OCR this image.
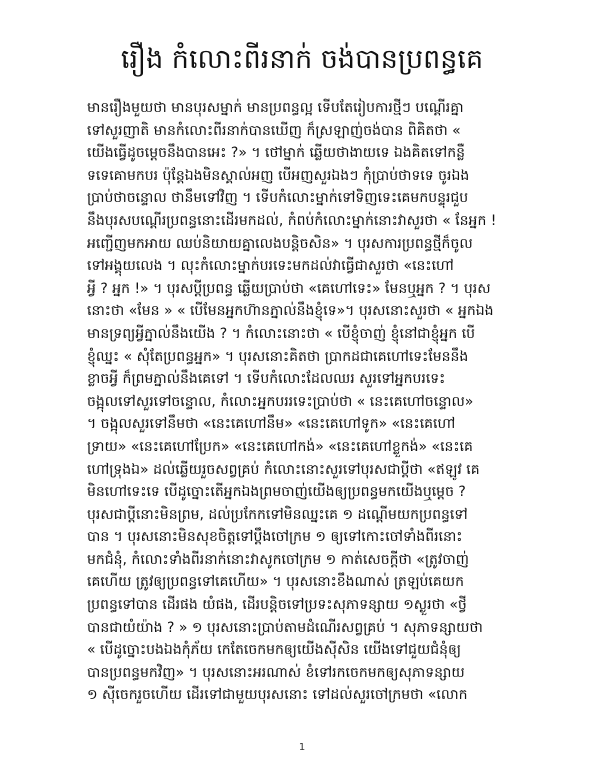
រឿង កំលោះពីរនាក់ ចង់បានប្រពន្ធគេ
មានរឿងមួយថា មានបុរសម្នាក់ មានប្រពន្ធល្អ ទើបតែរៀបការថ្មីៗ បណ្តើរគ្នា
ទៅសួរញាតិ មានកំលោះពីរនាក់បានឃើញ ក៏ស្រឡាញ់ចង់បាន ពិគិតថា «
យើងធ្វើដូចម្តេចនឹងបានអេះ ?» ។ ថៅម្នាក់ ឆ្លើយថាងាយទេ ឯងគិតទៅកន្លឺ
ទទេគោមកបរ ប៉ុន្តែឯងមិនស្គាល់អញ បើអញសួរឯងៗ កុំប្រាប់ថាទទេ ចូរឯង
ប្រាប់ថាចន្ទោល ថានឹមទៅវិញ ។ ទើបកំលោះម្នាក់ទៅទិញទេះគេមកបន្ទុរជួប
នឹងបុរសបណ្តើរប្រពន្ធនោះដើរមកដល់, កំពប់កំលោះម្នាក់នោះវាសួរថា « នែអ្នក !
អញ្ជើញមកអាយ ឈប់និយាយគ្នាលេងបន្តិចសិន» ។ បុរសការប្រពន្ធថ្មីក៏ចូល
ទៅអង្គុយលេង ។ លុះកំលោះម្នាក់បរទេះមកដល់វាធ្វើជាសួរថា «នេះហៅ
អ្វី ? អ្នក !» ។ បុរសប្តីប្រពន្ធ ឆ្លើយប្រាប់ថា «គេហៅទេះ» មែនឬអ្នក ? ។ បុរស
នោះថា «មែន » « បើមែនអ្នកហ៊ានភ្នាល់នឹងខ្ញុំទេ»។ បុរសនោះសួរថា « អ្នកឯង
មានទ្រព្យអ្វីភ្នាល់នឹងយើង ? ។ កំលោះនោះថា « បើខ្ញុំចាញ់ ខ្ញុំនៅជាខ្ញុំអ្នក បើ
ខ្ញុំឈ្នះ « សុំតែប្រពន្ធអ្នក» ។ បុរសនោះគិតថា ប្រាកដជាគេហៅទេះមែននឹង
ខ្លាចអ្វី ក៏ព្រមភ្នាល់នឹងគេទៅ ។ ទើបកំលោះដែលឈរ សួរទៅអ្នកបរទេះ
ចង្អុលទៅសួរទៅចន្ទោល, កំលោះអ្នកបររទេះប្រាប់ថា « នេះគេហៅចន្ទោល»
។ ចង្អុលសួរទៅនឹមថា «នេះគេហៅនឹម» «នេះគេហៅទូក» «នេះគេហៅ
ទ្រាយ» «នេះគេហៅប្រែក» «នេះគេហៅកង់» «នេះគេហៅខ្លួកង់» «នេះគេ
ហៅទ្រុងឯ» ដល់ឆ្លើយរួចសព្វគ្រប់ កំលោះនោះសួរទៅបុរសជាប្តីថា «ឥឡូវ គេ
មិនហៅទេះទេ បើដូច្នោះតើអ្នកឯងព្រមចាញ់យើងឲ្យប្រពន្ធមកយើងឬម្តេច ?
បុរសជាប្តីនោះមិនព្រម, ដល់ប្រកែកទៅមិនឈ្នះគេ ១ ដណ្តើមយកប្រពន្ធទៅ
បាន ។ បុរសនោះមិនសុខចិត្តទៅប្តឹងចៅក្រម ១ ឲ្យទៅកោះចៅទាំងពីរនោះ
មកជំនុំ, កំលោះទាំងពីរនាក់នោះវាសូកចៅក្រម ១ កាត់សេចក្តីថា «ត្រូវចាញ់
គេហើយ ត្រូវឲ្យប្រពន្ធទៅគេហើយ» ។ បុរសនោះខឹងណាស់ ត្រឡប់គេយក
ប្រពន្ធទៅបាន ដើរផង យំផង, ដើរបន្តិចទៅប្រទះសុភាទន្សាយ ១ស្ងួរថា «ថ្វី
បានជាយំយ៉ាង ? » ១ បុរសនោះប្រាប់តាមដំណើរសព្វគ្រប់ ។ សុភាទន្សាយថា
« បើដូច្នោះបងឯងកុំភ័យ កេតែចេកមកឲ្យយើងស៊ីសិន យើងទៅជួយជំនុំឲ្យ
បានប្រពន្ធមកវិញ» ។ បុរសនោះអរណាស់ ខំទៅរកចេកមកឲ្យសុភាទន្សាយ
១ ស៊ីចេករួចហើយ ដើរទៅជាមួយបុរសនោះ ទៅដល់សួរចៅក្រមថា «លោក
1
